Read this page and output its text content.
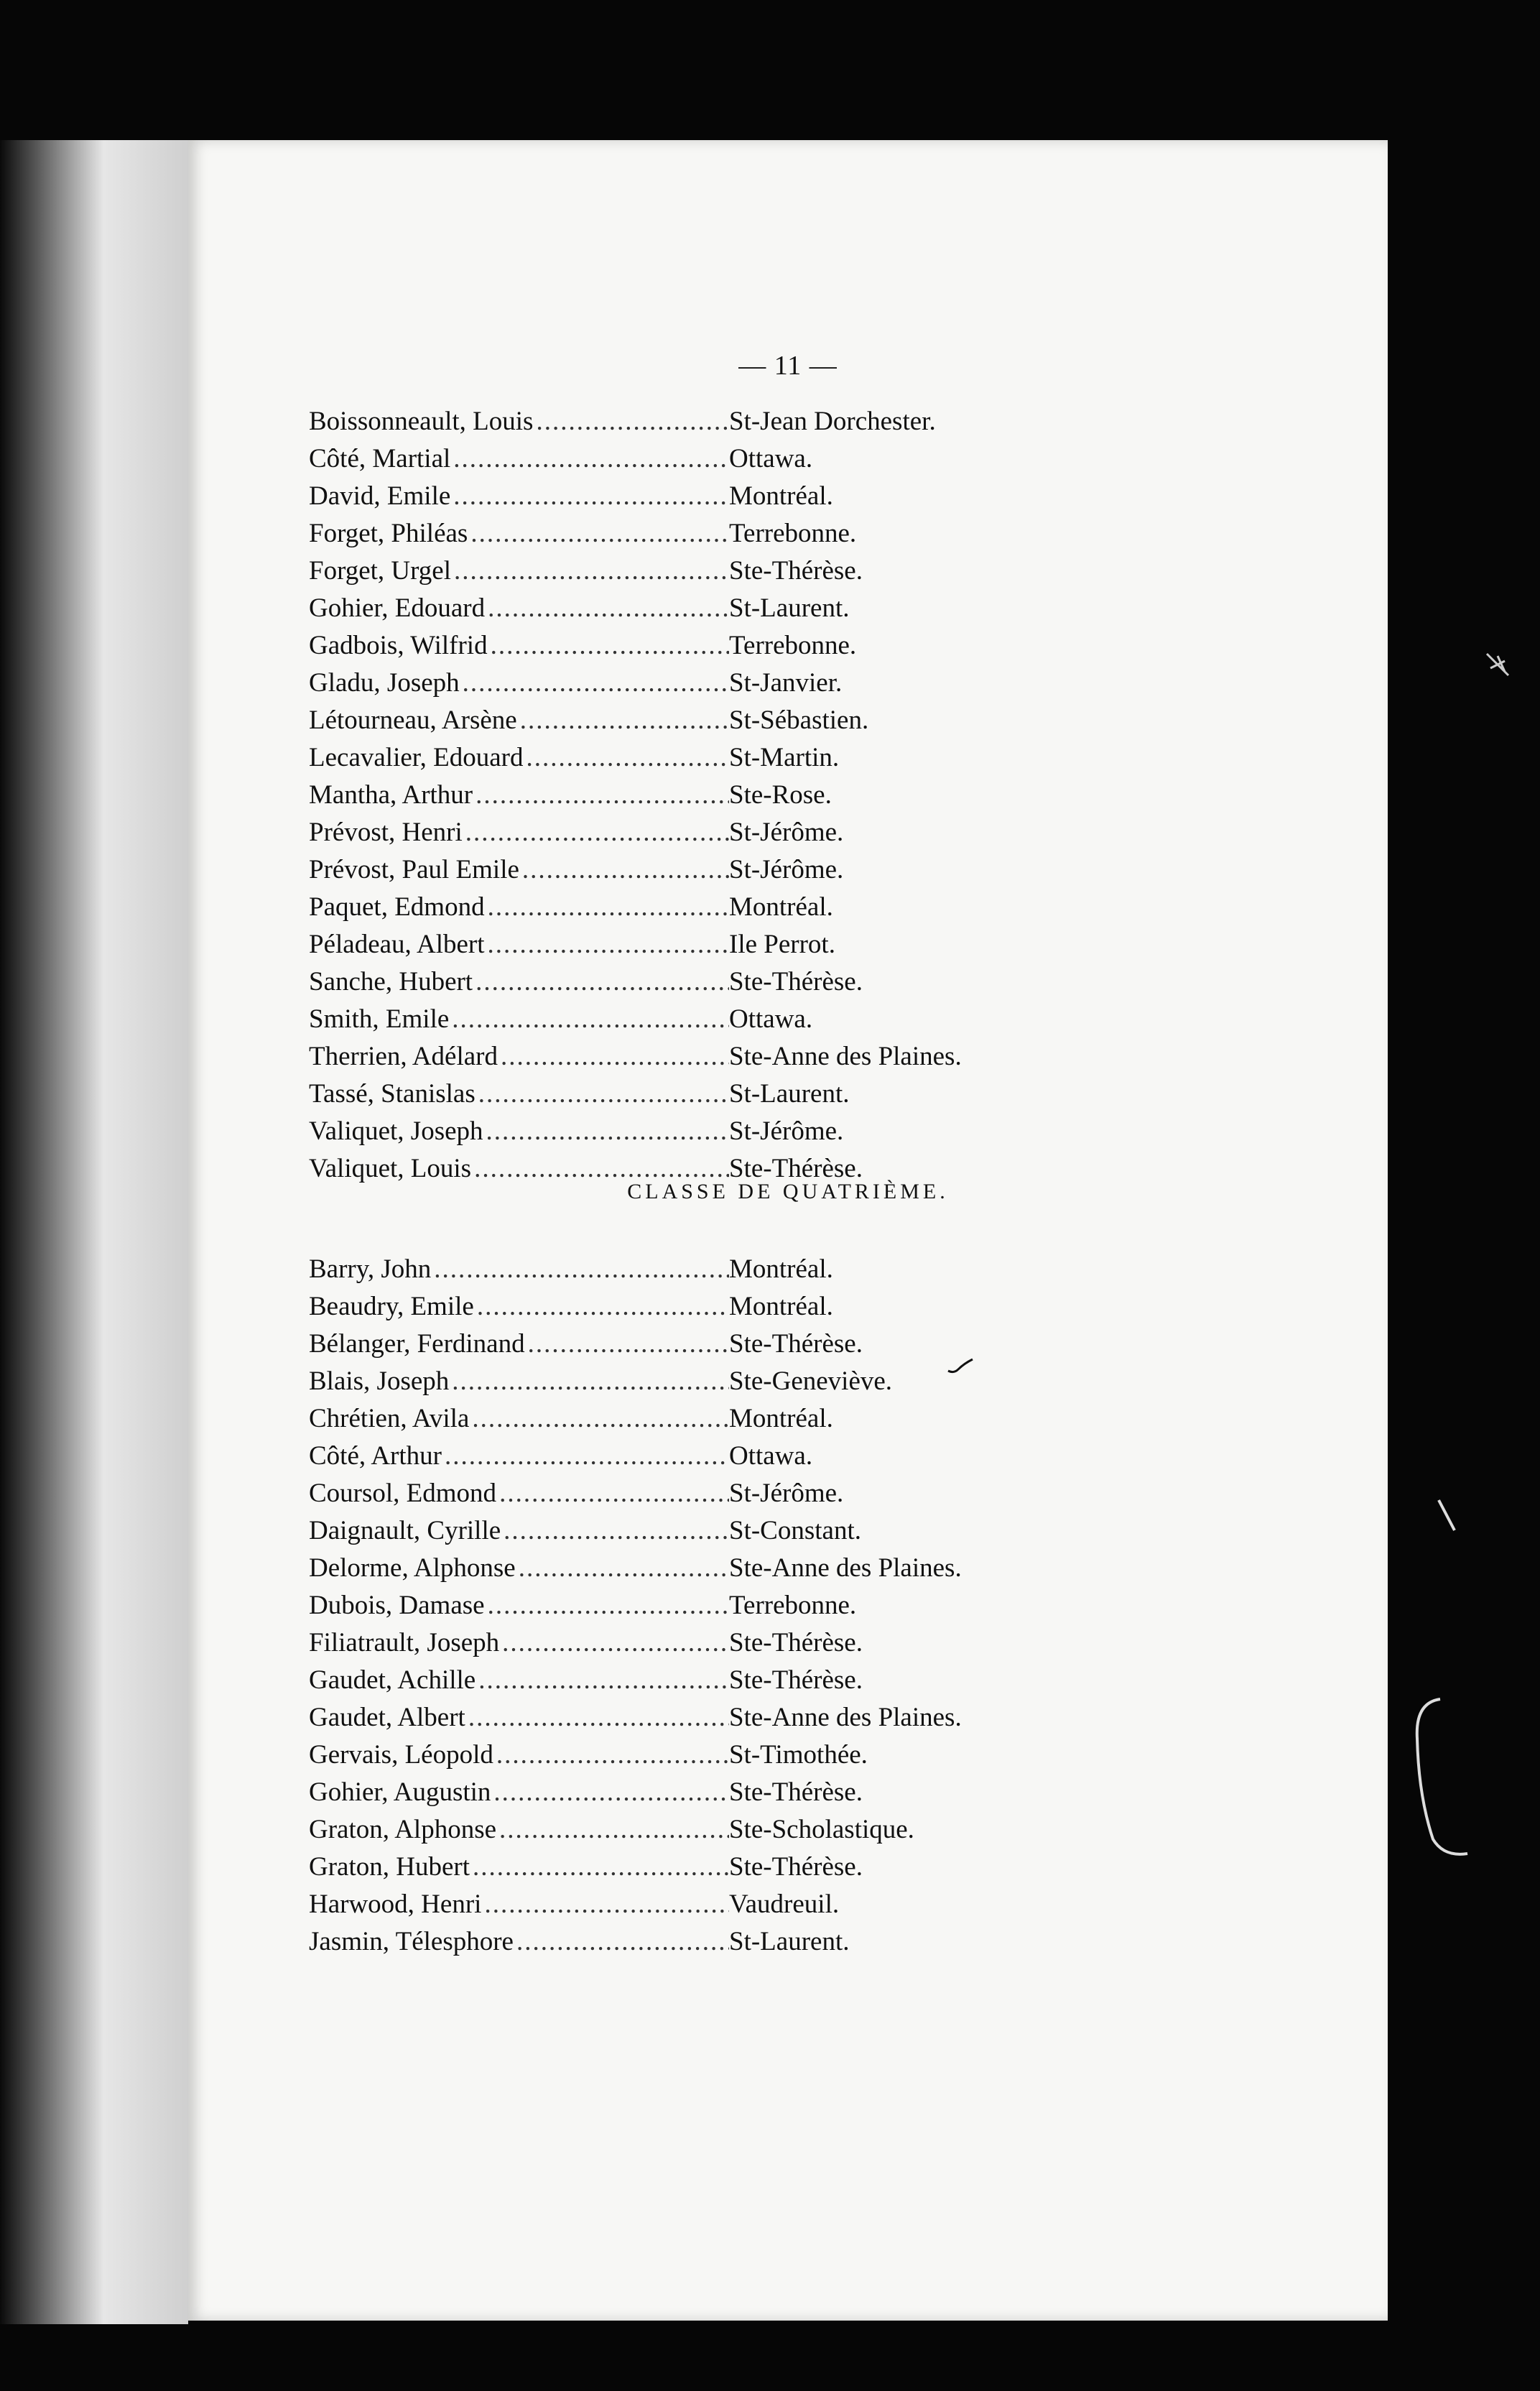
— 11 —
Boissonneault, Louis .....	St-Jean Dorchester.
Côté, Martial .....	Ottawa.
David, Emile .....	Montréal.
Forget, Philéas .....	Terrebonne.
Forget, Urgel .....	Ste-Thérèse.
Gohier, Edouard .....	St-Laurent.
Gadbois, Wilfrid .....	Terrebonne.
Gladu, Joseph .....	St-Janvier.
Létourneau, Arsène .....	St-Sébastien.
Lecavalier, Edouard .....	St-Martin.
Mantha, Arthur .....	Ste-Rose.
Prévost, Henri .....	St-Jérôme.
Prévost, Paul Emile .....	St-Jérôme.
Paquet, Edmond .....	Montréal.
Péladeau, Albert .....	Ile Perrot.
Sanche, Hubert .....	Ste-Thérèse.
Smith, Emile .....	Ottawa.
Therrien, Adélard .....	Ste-Anne des Plaines.
Tassé, Stanislas .....	St-Laurent.
Valiquet, Joseph .....	St-Jérôme.
Valiquet, Louis .....	Ste-Thérèse.
CLASSE DE QUATRIÈME.
Barry, John .....	Montréal.
Beaudry, Emile .....	Montréal.
Bélanger, Ferdinand .....	Ste-Thérèse.
Blais, Joseph .....	Ste-Geneviève.
Chrétien, Avila .....	Montréal.
Côté, Arthur .....	Ottawa.
Coursol, Edmond .....	St-Jérôme.
Daignault, Cyrille .....	St-Constant.
Delorme, Alphonse .....	Ste-Anne des Plaines.
Dubois, Damase .....	Terrebonne.
Filiatrault, Joseph .....	Ste-Thérèse.
Gaudet, Achille .....	Ste-Thérèse.
Gaudet, Albert .....	Ste-Anne des Plaines.
Gervais, Léopold .....	St-Timothée.
Gohier, Augustin .....	Ste-Thérèse.
Graton, Alphonse .....	Ste-Scholastique.
Graton, Hubert .....	Ste-Thérèse.
Harwood, Henri .....	Vaudreuil.
Jasmin, Télesphore .....	St-Laurent.
